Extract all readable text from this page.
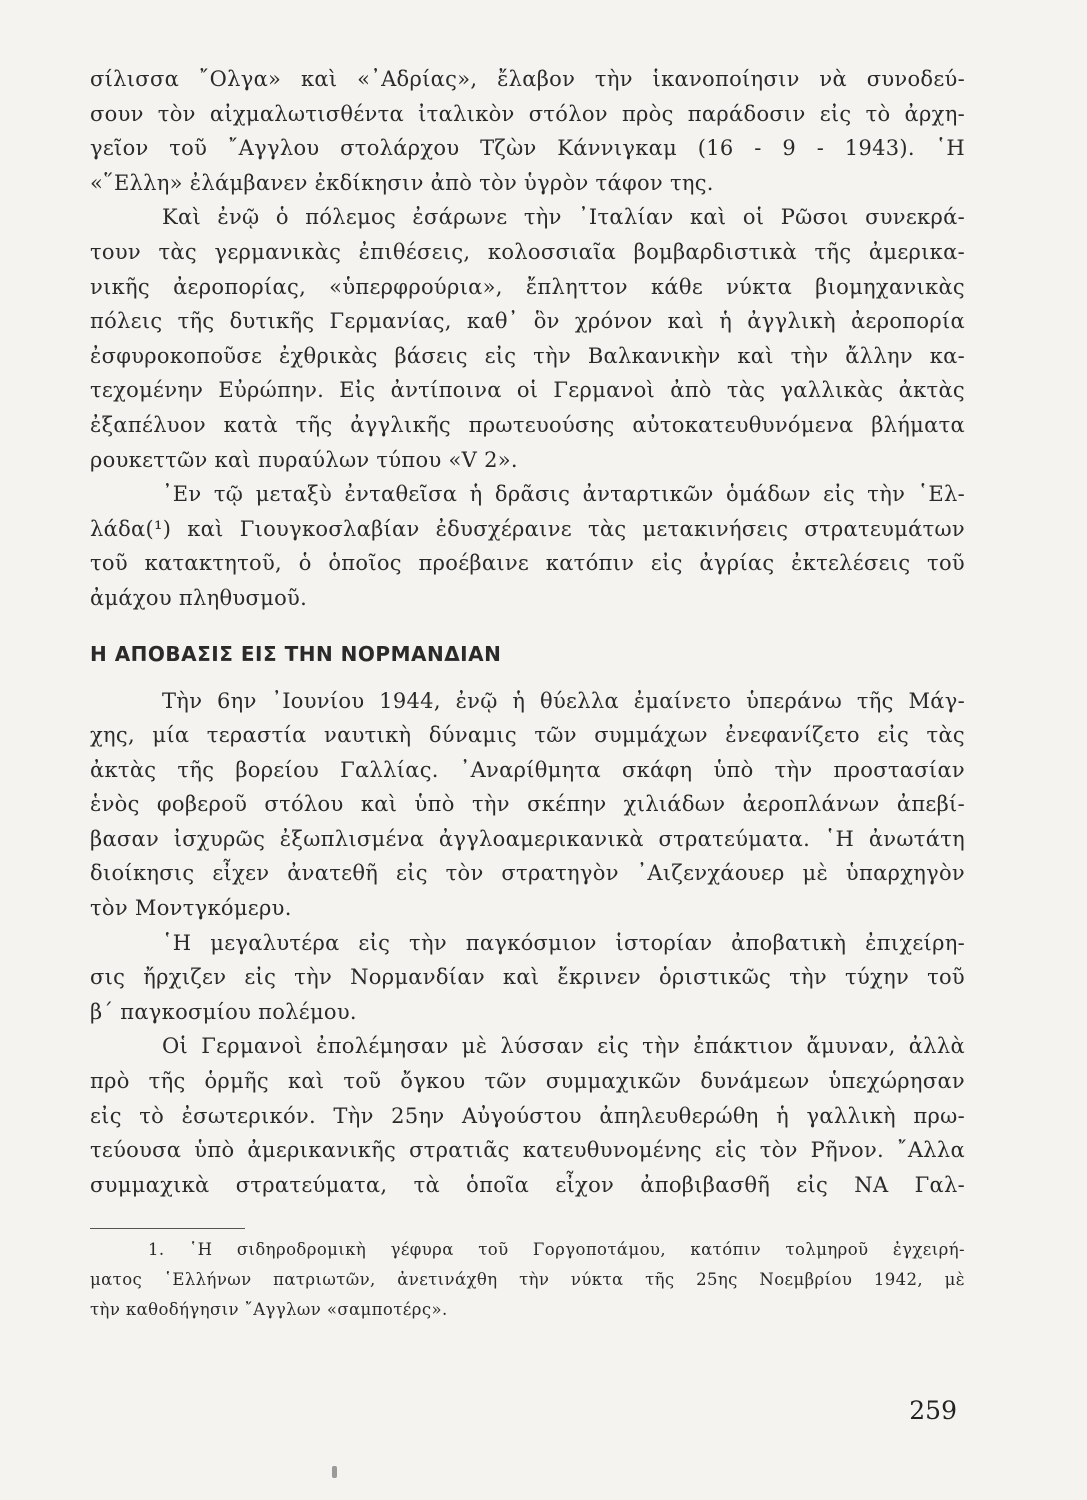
σίλισσα ῎Ολγα» καὶ «᾿Αδρίας», ἔλαβον τὴν ἱκανοποίησιν νὰ συνοδεύ-
σουν τὸν αἰχμαλωτισθέντα ἰταλικὸν στόλον πρὸς παράδοσιν εἰς τὸ ἀρχη-
γεῖον τοῦ ῎Αγγλου στολάρχου Τζὼν Κάννιγκαμ (16 - 9 - 1943). ῾Η
«῞Ελλη» ἐλάμβανεν ἐκδίκησιν ἀπὸ τὸν ὑγρὸν τάφον της.
Καὶ ἐνῷ ὁ πόλεμος ἐσάρωνε τὴν ᾿Ιταλίαν καὶ οἱ Ρῶσοι συνεκρά-
τουν τὰς γερμανικὰς ἐπιθέσεις, κολοσσιαῖα βομβαρδιστικὰ τῆς ἀμερικα-
νικῆς ἀεροπορίας, «ὑπερφρούρια», ἔπληττον κάθε νύκτα βιομηχανικὰς
πόλεις τῆς δυτικῆς Γερμανίας, καθ᾿ ὃν χρόνον καὶ ἡ ἀγγλικὴ ἀεροπορία
ἐσφυροκοποῦσε ἐχθρικὰς βάσεις εἰς τὴν Βαλκανικὴν καὶ τὴν ἄλλην κα-
τεχομένην Εὐρώπην. Εἰς ἀντίποινα οἱ Γερμανοὶ ἀπὸ τὰς γαλλικὰς ἀκτὰς
ἐξαπέλυον κατὰ τῆς ἀγγλικῆς πρωτευούσης αὐτοκατευθυνόμενα βλήματα
ρουκεττῶν καὶ πυραύλων τύπου «V 2».
᾿Εν τῷ μεταξὺ ἐνταθεῖσα ἡ δρᾶσις ἀνταρτικῶν ὁμάδων εἰς τὴν ῾Ελ-
λάδα(¹) καὶ Γιουγκοσλαβίαν ἐδυσχέραινε τὰς μετακινήσεις στρατευμάτων
τοῦ κατακτητοῦ, ὁ ὁποῖος προέβαινε κατόπιν εἰς ἀγρίας ἐκτελέσεις τοῦ
ἀμάχου πληθυσμοῦ.
Η ΑΠΟΒΑΣΙΣ ΕΙΣ ΤΗΝ ΝΟΡΜΑΝΔΙΑΝ
Τὴν 6ην ᾿Ιουνίου 1944, ἐνῷ ἡ θύελλα ἐμαίνετο ὑπεράνω τῆς Μάγ-
χης, μία τεραστία ναυτικὴ δύναμις τῶν συμμάχων ἐνεφανίζετο εἰς τὰς
ἀκτὰς τῆς βορείου Γαλλίας. ᾿Αναρίθμητα σκάφη ὑπὸ τὴν προστασίαν
ἑνὸς φοβεροῦ στόλου καὶ ὑπὸ τὴν σκέπην χιλιάδων ἀεροπλάνων ἀπεβί-
βασαν ἰσχυρῶς ἐξωπλισμένα ἀγγλοαμερικανικὰ στρατεύματα. ῾Η ἀνωτάτη
διοίκησις εἶχεν ἀνατεθῆ εἰς τὸν στρατηγὸν ᾿Αιζενχάουερ μὲ ὑπαρχηγὸν
τὸν Μοντγκόμερυ.
῾Η μεγαλυτέρα εἰς τὴν παγκόσμιον ἱστορίαν ἀποβατικὴ ἐπιχείρη-
σις ἤρχιζεν εἰς τὴν Νορμανδίαν καὶ ἔκρινεν ὁριστικῶς τὴν τύχην τοῦ
β΄ παγκοσμίου πολέμου.
Οἱ Γερμανοὶ ἐπολέμησαν μὲ λύσσαν εἰς τὴν ἐπάκτιον ἄμυναν, ἀλλὰ
πρὸ τῆς ὁρμῆς καὶ τοῦ ὄγκου τῶν συμμαχικῶν δυνάμεων ὑπεχώρησαν
εἰς τὸ ἐσωτερικόν. Τὴν 25ην Αὐγούστου ἀπηλευθερώθη ἡ γαλλικὴ πρω-
τεύουσα ὑπὸ ἀμερικανικῆς στρατιᾶς κατευθυνομένης εἰς τὸν Ρῆνον. ῎Αλλα
συμμαχικὰ στρατεύματα, τὰ ὁποῖα εἶχον ἀποβιβασθῆ εἰς ΝΑ Γαλ-
1. ῾Η σιδηροδρομικὴ γέφυρα τοῦ Γοργοποτάμου, κατόπιν τολμηροῦ ἐγχειρή-
ματος ῾Ελλήνων πατριωτῶν, ἀνετινάχθη τὴν νύκτα τῆς 25ης Νοεμβρίου 1942, μὲ
τὴν καθοδήγησιν ῎Αγγλων «σαμποτέρς».
259
